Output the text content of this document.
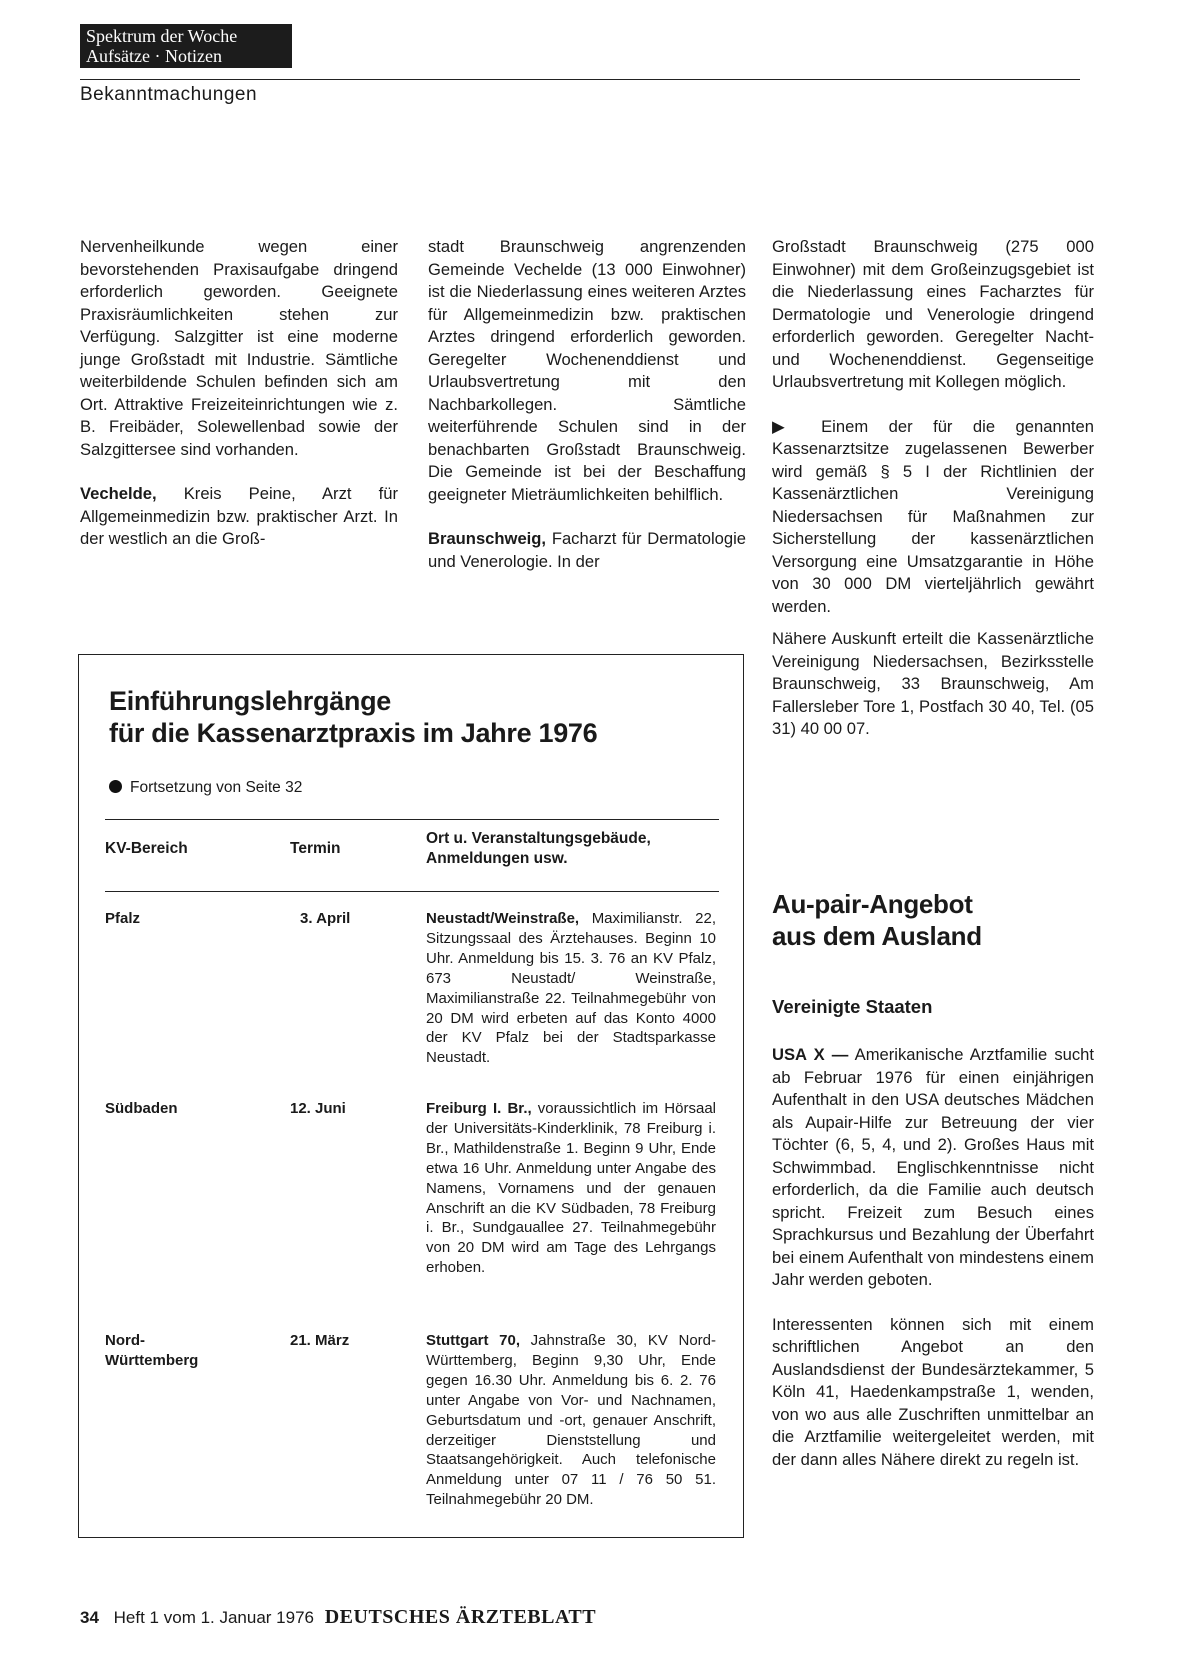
Spektrum der Woche
Aufsätze · Notizen
Bekanntmachungen

Nervenheilkunde wegen einer bevorstehenden Praxisaufgabe dringend erforderlich geworden. Geeignete Praxisräumlichkeiten stehen zur Verfügung. Salzgitter ist eine moderne junge Großstadt mit Industrie. Sämtliche weiterbildende Schulen befinden sich am Ort. Attraktive Freizeiteinrichtungen wie z. B. Freibäder, Solewellenbad sowie der Salzgittersee sind vorhanden.

Vechelde, Kreis Peine, Arzt für Allgemeinmedizin bzw. praktischer Arzt. In der westlich an die Groß-

stadt Braunschweig angrenzenden Gemeinde Vechelde (13 000 Einwohner) ist die Niederlassung eines weiteren Arztes für Allgemeinmedizin bzw. praktischen Arztes dringend erforderlich geworden. Geregelter Wochenenddienst und Urlaubsvertretung mit den Nachbarkollegen. Sämtliche weiterführende Schulen sind in der benachbarten Großstadt Braunschweig. Die Gemeinde ist bei der Beschaffung geeigneter Mieträumlichkeiten behilflich.

Braunschweig, Facharzt für Dermatologie und Venerologie. In der

Großstadt Braunschweig (275 000 Einwohner) mit dem Großeinzugsgebiet ist die Niederlassung eines Facharztes für Dermatologie und Venerologie dringend erforderlich geworden. Geregelter Nacht- und Wochenenddienst. Gegenseitige Urlaubsvertretung mit Kollegen möglich.

▶ Einem der für die genannten Kassenarztsitze zugelassenen Bewerber wird gemäß § 5 I der Richtlinien der Kassenärztlichen Vereinigung Niedersachsen für Maßnahmen zur Sicherstellung der kassenärztlichen Versorgung eine Umsatzgarantie in Höhe von 30 000 DM vierteljährlich gewährt werden.

Nähere Auskunft erteilt die Kassenärztliche Vereinigung Niedersachsen, Bezirksstelle Braunschweig, 33 Braunschweig, Am Fallersleber Tore 1, Postfach 30 40, Tel. (05 31) 40 00 07.

Einführungslehrgänge
für die Kassenarztpraxis im Jahre 1976
Fortsetzung von Seite 32
KV-Bereich	Termin
Ort u. Veranstaltungsgebäude,
Anmeldungen usw.
Pfalz	3. April	Neustadt/Weinstraße, Maximilianstr. 22, Sitzungssaal des Ärztehauses. Beginn 10 Uhr. Anmeldung bis 15. 3. 76 an KV Pfalz, 673 Neustadt/ Weinstraße, Maximilianstraße 22. Teilnahmegebühr von 20 DM wird erbeten auf das Konto 4000 der KV Pfalz bei der Stadtsparkasse Neustadt.
Südbaden	12. Juni	Freiburg I. Br., voraussichtlich im Hörsaal der Universitäts-Kinderklinik, 78 Freiburg i. Br., Mathildenstraße 1. Beginn 9 Uhr, Ende etwa 16 Uhr. Anmeldung unter Angabe des Namens, Vornamens und der genauen Anschrift an die KV Südbaden, 78 Freiburg i. Br., Sundgauallee 27. Teilnahmegebühr von 20 DM wird am Tage des Lehrgangs erhoben.
Nord-
Württemberg
21. März	Stuttgart 70, Jahnstraße 30, KV Nord-Württemberg, Beginn 9,30 Uhr, Ende gegen 16.30 Uhr. Anmeldung bis 6. 2. 76 unter Angabe von Vor- und Nachnamen, Geburtsdatum und -ort, genauer Anschrift, derzeitiger Dienststellung und Staatsangehörigkeit. Auch telefonische Anmeldung unter 07 11 / 76 50 51. Teilnahmegebühr 20 DM.
Au-pair-Angebot
aus dem Ausland
Vereinigte Staaten

USA X — Amerikanische Arztfamilie sucht ab Februar 1976 für einen einjährigen Aufenthalt in den USA deutsches Mädchen als Aupair-Hilfe zur Betreuung der vier Töchter (6, 5, 4, und 2). Großes Haus mit Schwimmbad. Englischkenntnisse nicht erforderlich, da die Familie auch deutsch spricht. Freizeit zum Besuch eines Sprachkursus und Bezahlung der Überfahrt bei einem Aufenthalt von mindestens einem Jahr werden geboten.

Interessenten können sich mit einem schriftlichen Angebot an den Auslandsdienst der Bundesärztekammer, 5 Köln 41, Haedenkampstraße 1, wenden, von wo aus alle Zuschriften unmittelbar an die Arztfamilie weitergeleitet werden, mit der dann alles Nähere direkt zu regeln ist.

34 Heft 1 vom 1. Januar 1976 DEUTSCHES ÄRZTEBLATT
